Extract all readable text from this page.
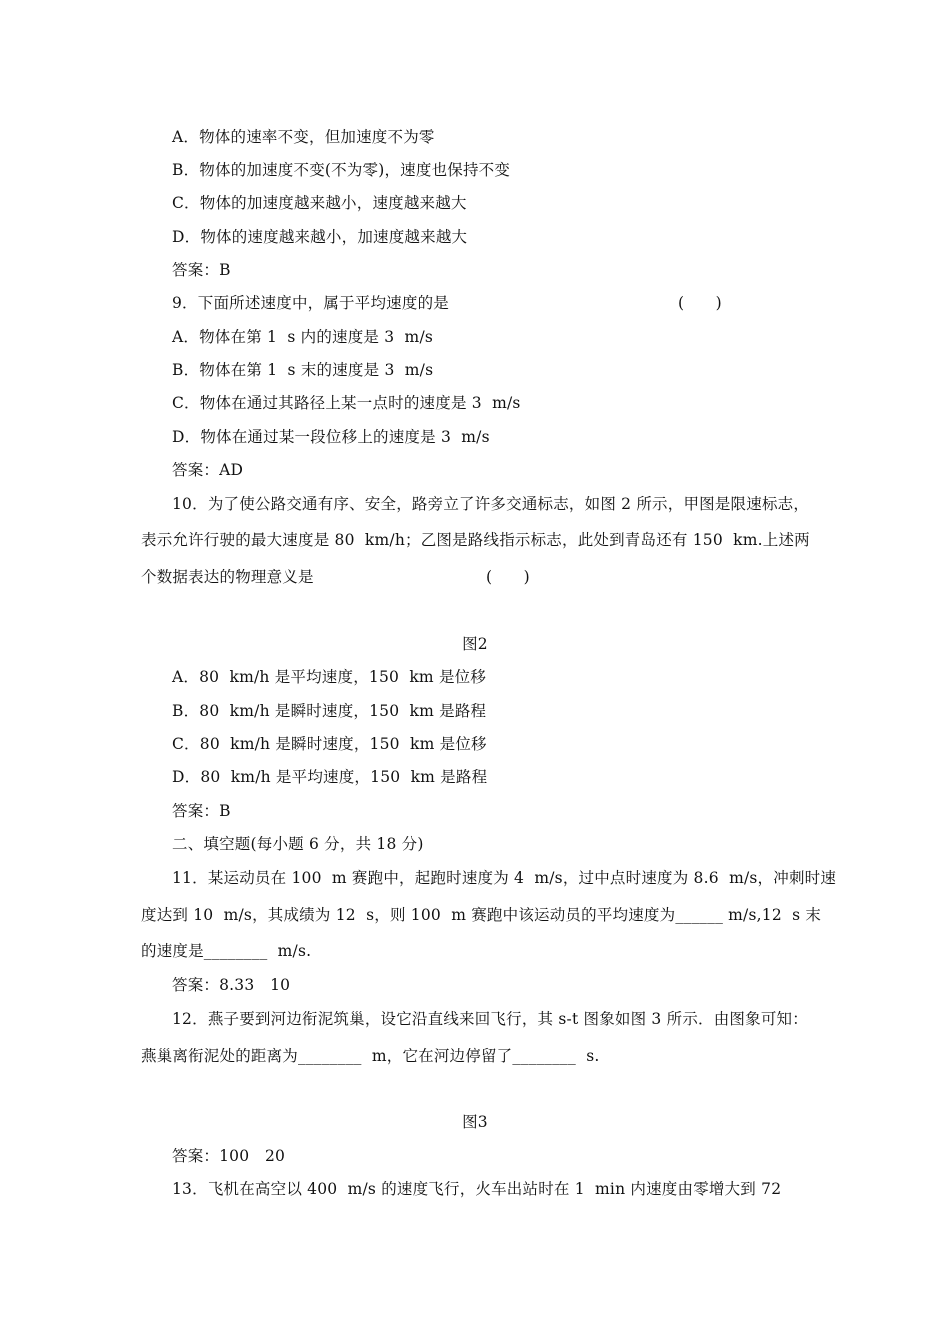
A．物体的速率不变，但加速度不为零
B．物体的加速度不变(不为零)，速度也保持不变
C．物体的加速度越来越小，速度越来越大
D．物体的速度越来越小，加速度越来越大
答案：B
9．下面所述速度中，属于平均速度的是	(　　)
A．物体在第 1  s 内的速度是 3  m/s
B．物体在第 1  s 末的速度是 3  m/s
C．物体在通过其路径上某一点时的速度是 3  m/s
D．物体在通过某一段位移上的速度是 3  m/s
答案：AD
10．为了使公路交通有序、安全，路旁立了许多交通标志，如图 2 所示，甲图是限速标志，
表示允许行驶的最大速度是 80  km/h；乙图是路线指示标志，此处到青岛还有 150  km.上述两
个数据表达的物理意义是	(　　)
图2
A．80  km/h 是平均速度，150  km 是位移
B．80  km/h 是瞬时速度，150  km 是路程
C．80  km/h 是瞬时速度，150  km 是位移
D．80  km/h 是平均速度，150  km 是路程
答案：B
二、填空题(每小题 6 分，共 18 分)
11．某运动员在 100  m 赛跑中，起跑时速度为 4  m/s，过中点时速度为 8.6  m/s，冲刺时速
度达到 10  m/s，其成绩为 12  s，则 100  m 赛跑中该运动员的平均速度为______ m/s,12  s 末
的速度是________  m/s.
答案：8.33　10
12．燕子要到河边衔泥筑巢，设它沿直线来回飞行，其 s-t 图象如图 3 所示．由图象可知：
燕巢离衔泥处的距离为________  m，它在河边停留了________  s.
图3
答案：100　20
13．飞机在高空以 400  m/s 的速度飞行，火车出站时在 1  min 内速度由零增大到 72
